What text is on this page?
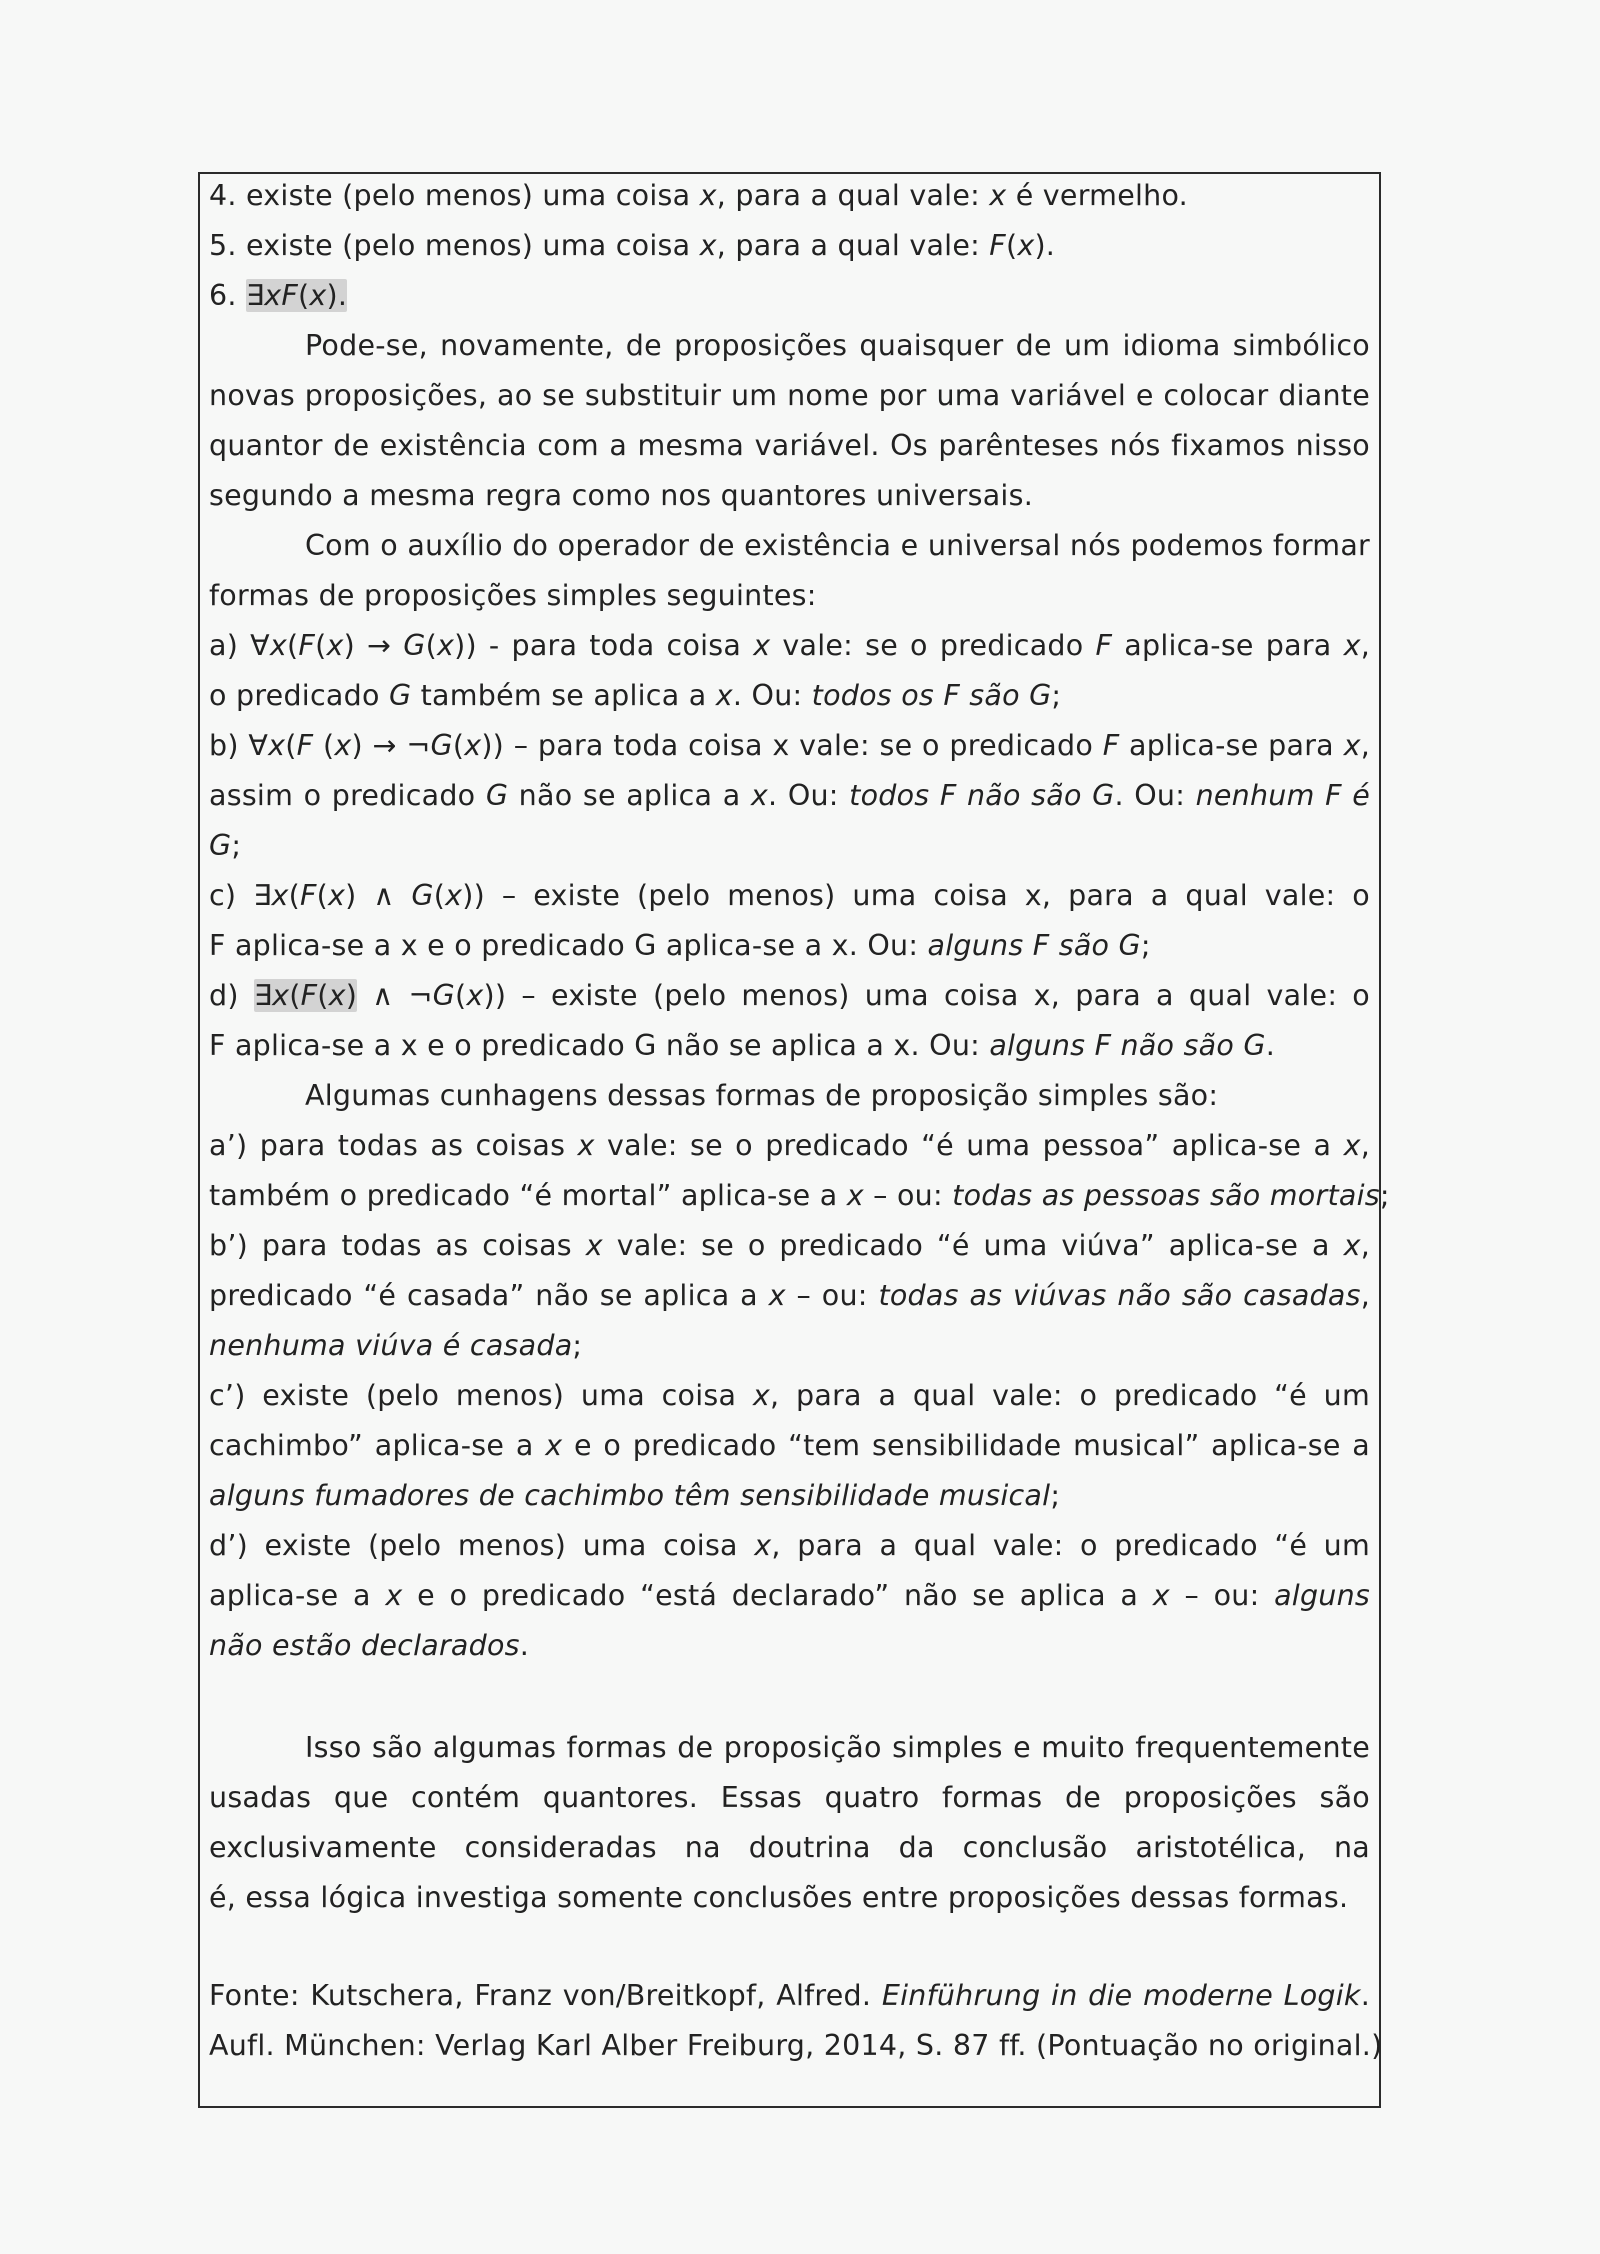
4. existe (pelo menos) uma coisa x, para a qual vale: x é vermelho.
5. existe (pelo menos) uma coisa x, para a qual vale: F(x).
6. ∃xF(x).
Pode-se, novamente, de proposições quaisquer de um idioma simbólico
novas proposições, ao se substituir um nome por uma variável e colocar diante
quantor de existência com a mesma variável. Os parênteses nós fixamos nisso
segundo a mesma regra como nos quantores universais.
Com o auxílio do operador de existência e universal nós podemos formar
formas de proposições simples seguintes:
a) ∀x(F(x) → G(x)) - para toda coisa x vale: se o predicado F aplica-se para x,
o predicado G também se aplica a x. Ou: todos os F são G;
b) ∀x(F (x) → ¬G(x)) – para toda coisa x vale: se o predicado F aplica-se para x,
assim o predicado G não se aplica a x. Ou: todos F não são G. Ou: nenhum F é
G;
c) ∃x(F(x) ∧ G(x)) – existe (pelo menos) uma coisa x, para a qual vale: o
F aplica-se a x e o predicado G aplica-se a x. Ou: alguns F são G;
d) ∃x(F(x) ∧ ¬G(x)) – existe (pelo menos) uma coisa x, para a qual vale: o
F aplica-se a x e o predicado G não se aplica a x. Ou: alguns F não são G.
Algumas cunhagens dessas formas de proposição simples são:
a’) para todas as coisas x vale: se o predicado “é uma pessoa” aplica-se a x,
também o predicado “é mortal” aplica-se a x – ou: todas as pessoas são mortais;
b’) para todas as coisas x vale: se o predicado “é uma viúva” aplica-se a x,
predicado “é casada” não se aplica a x – ou: todas as viúvas não são casadas,
nenhuma viúva é casada;
c’) existe (pelo menos) uma coisa x, para a qual vale: o predicado “é um
cachimbo” aplica-se a x e o predicado “tem sensibilidade musical” aplica-se a
alguns fumadores de cachimbo têm sensibilidade musical;
d’) existe (pelo menos) uma coisa x, para a qual vale: o predicado “é um
aplica-se a x e o predicado “está declarado” não se aplica a x – ou: alguns
não estão declarados.
Isso são algumas formas de proposição simples e muito frequentemente
usadas que contém quantores. Essas quatro formas de proposições são
exclusivamente consideradas na doutrina da conclusão aristotélica, na
é, essa lógica investiga somente conclusões entre proposições dessas formas.
Fonte: Kutschera, Franz von/Breitkopf, Alfred. Einführung in die moderne Logik.
Aufl. München: Verlag Karl Alber Freiburg, 2014, S. 87 ff. (Pontuação no original.)
